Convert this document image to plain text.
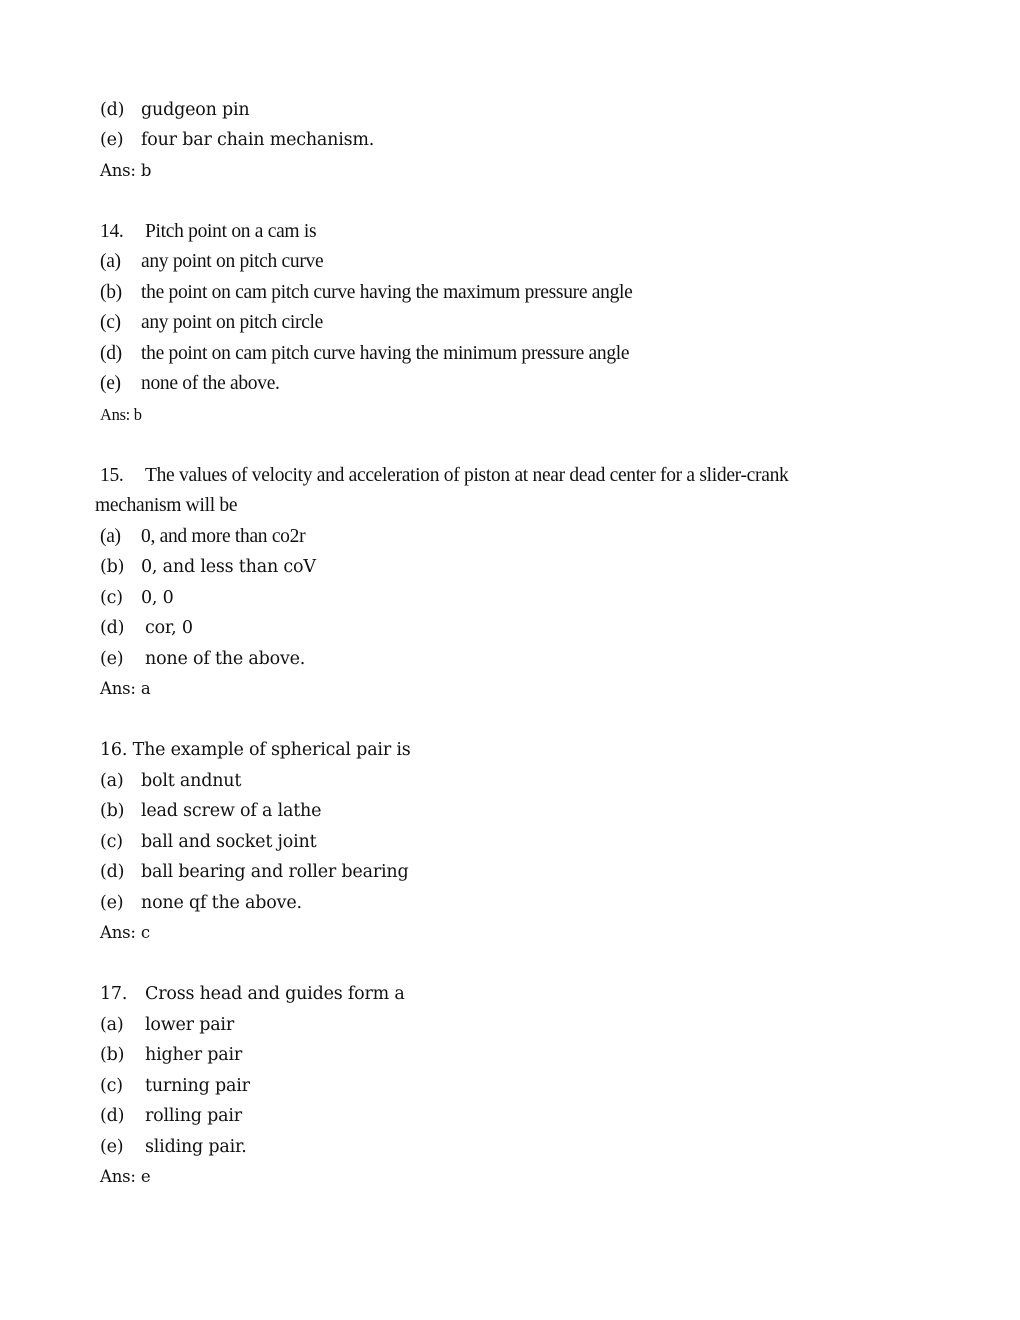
(d) gudgeon pin
(e) four bar chain mechanism.
Ans: b
14. Pitch point on a cam is
(a) any point on pitch curve
(b) the point on cam pitch curve having the maximum pressure angle
(c) any point on pitch circle
(d) the point on cam pitch curve having the minimum pressure angle
(e) none of the above.
Ans: b
15. The values of velocity and acceleration of piston at near dead center for a slider-crank
mechanism will be
(a) 0, and more than co2r
(b) 0, and less than coV
(c) 0, 0
(d) cor, 0
(e) none of the above.
Ans: a
16. The example of spherical pair is
(a) bolt andnut
(b) lead screw of a lathe
(c) ball and socket joint
(d) ball bearing and roller bearing
(e) none qf the above.
Ans: c
17. Cross head and guides form a
(a) lower pair
(b) higher pair
(c) turning pair
(d) rolling pair
(e) sliding pair.
Ans: e
